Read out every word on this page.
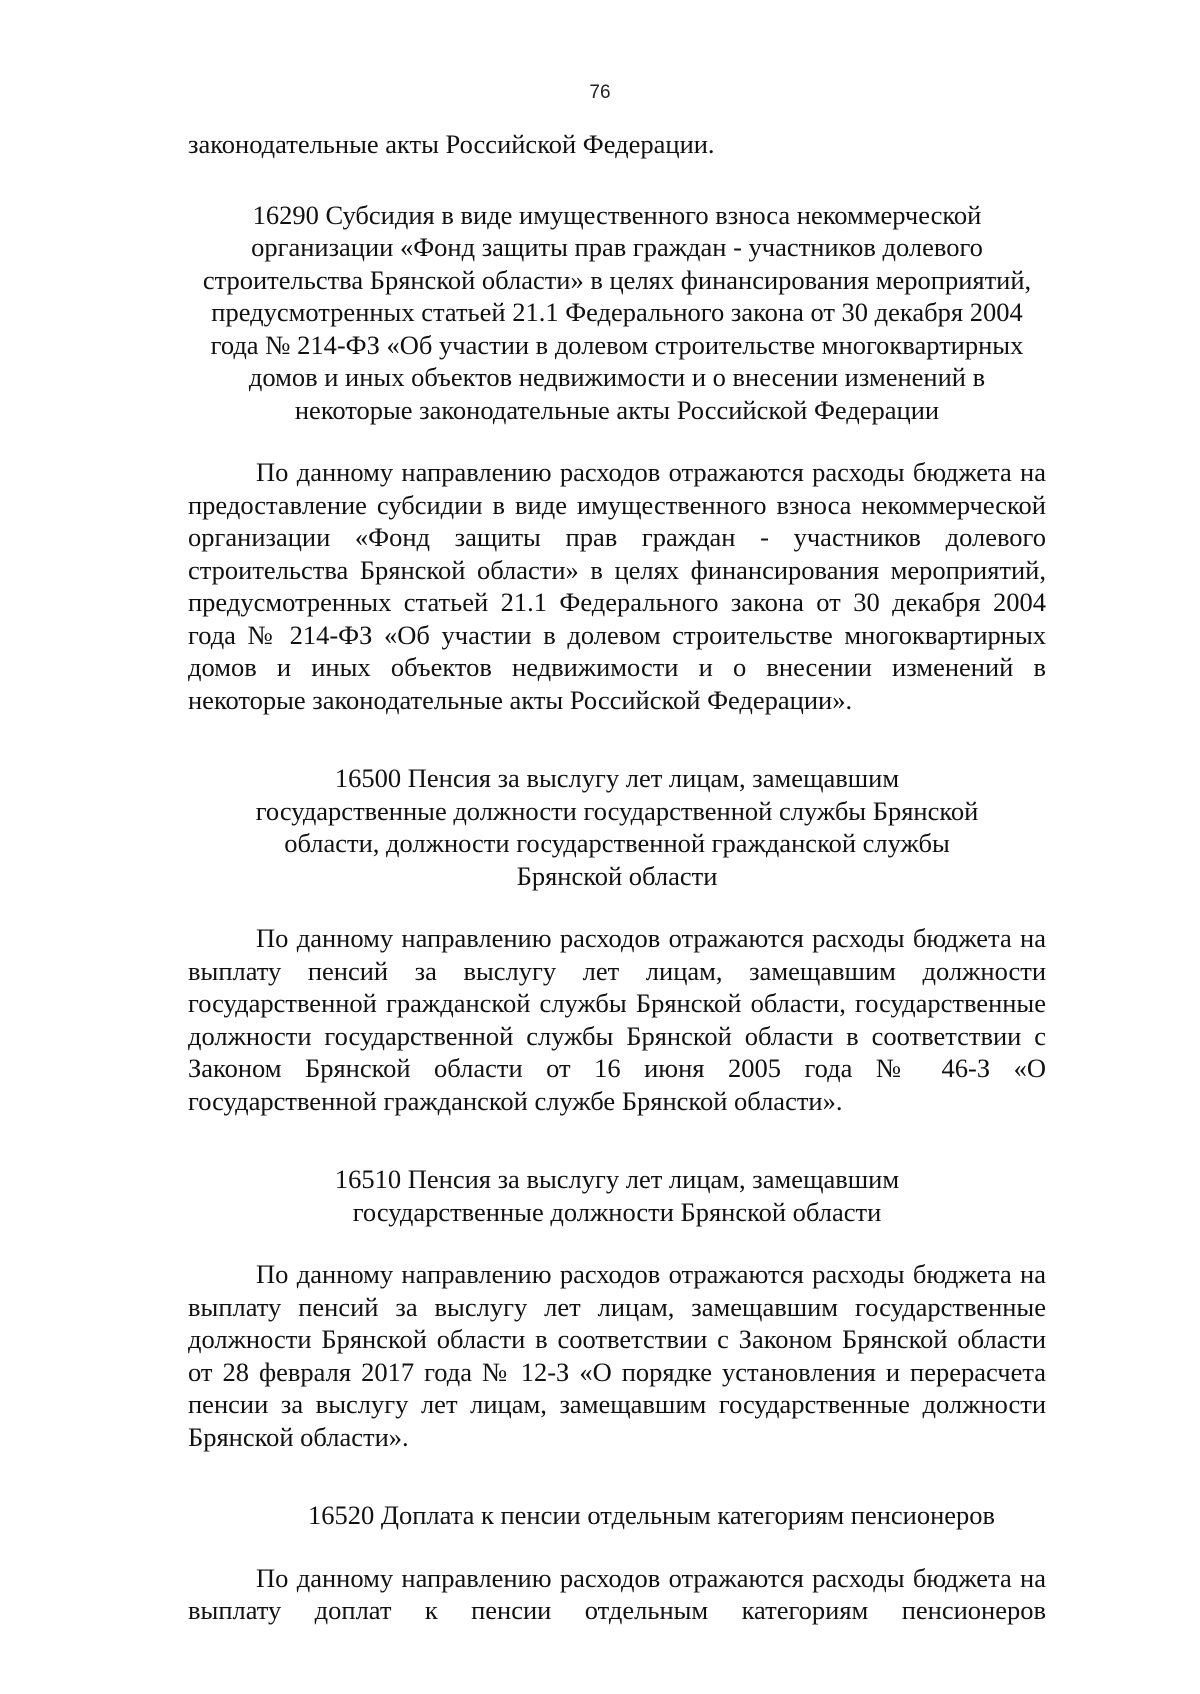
76

законодательные акты Российской Федерации.

16290 Субсидия в виде имущественного взноса некоммерческой организации «Фонд защиты прав граждан - участников долевого строительства Брянской области» в целях финансирования мероприятий, предусмотренных статьей 21.1 Федерального закона от 30 декабря 2004 года № 214-ФЗ «Об участии в долевом строительстве многоквартирных домов и иных объектов недвижимости и о внесении изменений в некоторые законодательные акты Российской Федерации

По данному направлению расходов отражаются расходы бюджета на предоставление субсидии в виде имущественного взноса некоммерческой организации «Фонд защиты прав граждан - участников долевого строительства Брянской области» в целях финансирования мероприятий, предусмотренных статьей 21.1 Федерального закона от 30 декабря 2004 года № 214-ФЗ «Об участии в долевом строительстве многоквартирных домов и иных объектов недвижимости и о внесении изменений в некоторые законодательные акты Российской Федерации».

16500 Пенсия за выслугу лет лицам, замещавшим государственные должности государственной службы Брянской области, должности государственной гражданской службы Брянской области

По данному направлению расходов отражаются расходы бюджета на выплату пенсий за выслугу лет лицам, замещавшим должности государственной гражданской службы Брянской области, государственные должности государственной службы Брянской области в соответствии с Законом Брянской области от 16 июня 2005 года № 46-З «О государственной гражданской службе Брянской области».

16510 Пенсия за выслугу лет лицам, замещавшим государственные должности Брянской области

По данному направлению расходов отражаются расходы бюджета на выплату пенсий за выслугу лет лицам, замещавшим государственные должности Брянской области в соответствии с Законом Брянской области от 28 февраля 2017 года № 12-З «О порядке установления и перерасчета пенсии за выслугу лет лицам, замещавшим государственные должности Брянской области».

16520 Доплата к пенсии отдельным категориям пенсионеров

По данному направлению расходов отражаются расходы бюджета на выплату доплат к пенсии отдельным категориям пенсионеров
